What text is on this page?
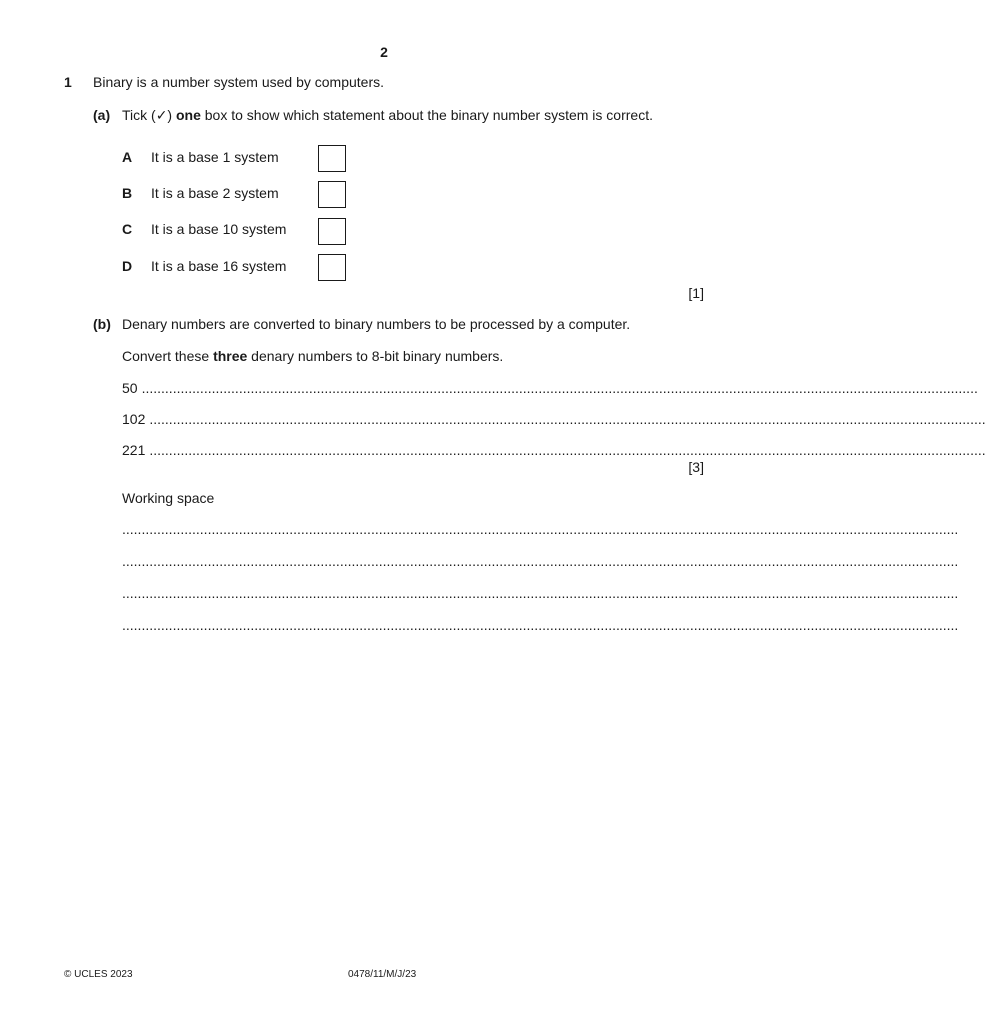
2
1 Binary is a number system used by computers.
(a) Tick (✓) one box to show which statement about the binary number system is correct.
A It is a base 1 system
B It is a base 2 system
C It is a base 10 system
D It is a base 16 system
[1]
(b) Denary numbers are converted to binary numbers to be processed by a computer.
Convert these three denary numbers to 8-bit binary numbers.
50 .......................................................................................................................................................................................................................
102 .......................................................................................................................................................................................................................
221 .......................................................................................................................................................................................................................
[3]
Working space
.......................................................................................................................................................................................................................
.......................................................................................................................................................................................................................
.......................................................................................................................................................................................................................
.......................................................................................................................................................................................................................
© UCLES 2023	0478/11/M/J/23
